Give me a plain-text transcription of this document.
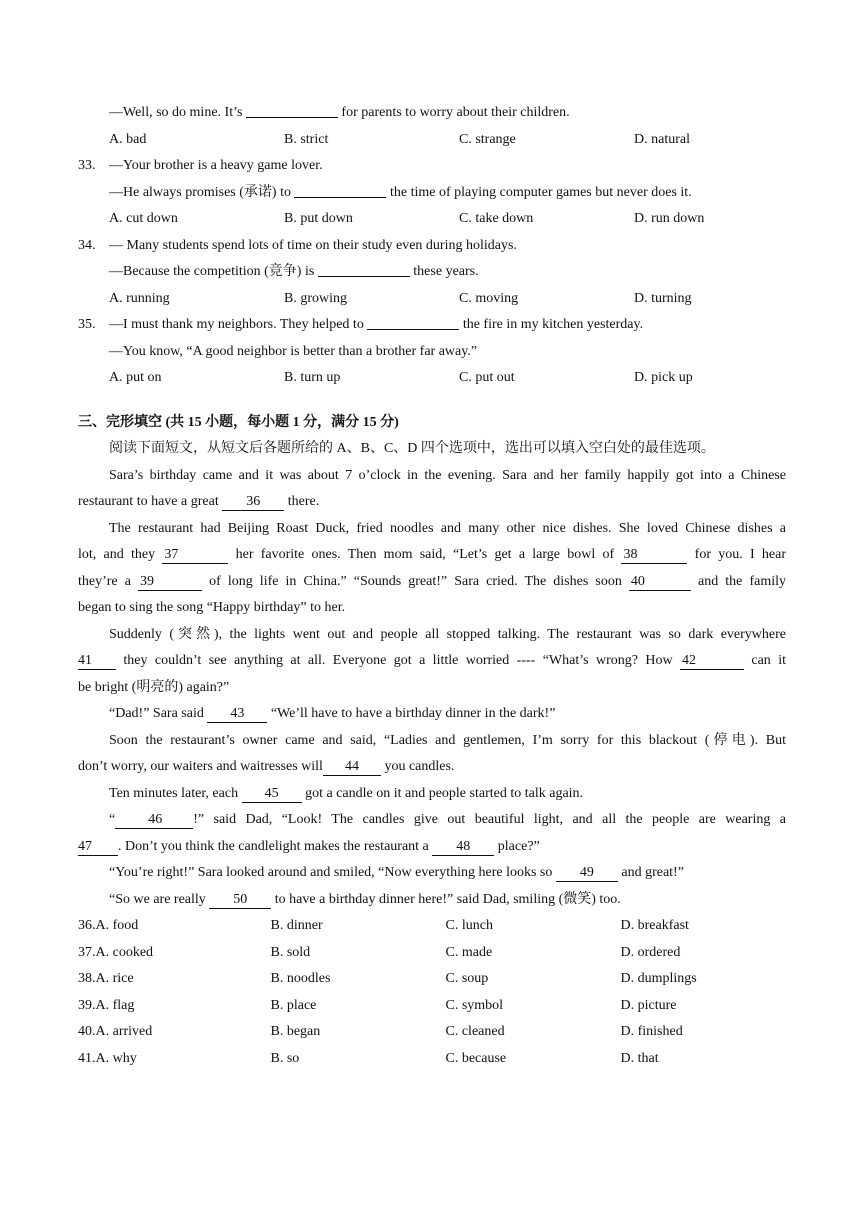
—Well, so do mine. It’s	for parents to worry about their children.
A. bad	B. strict	C. strange	D. natural
33. —Your brother is a heavy game lover.
—He always promises (承诺) to	the time of playing computer games but never does it.
A. cut down	B. put down	C. take down	D. run down
34. — Many students spend lots of time on their study even during holidays.
—Because the competition (竞争) is	these years.
A. running	B. growing	C. moving	D. turning
35. —I must thank my neighbors. They helped to	the fire in my kitchen yesterday.
—You know, “A good neighbor is better than a brother far away.”
A. put on	B. turn up	C. put out	D. pick up
三、完形填空 (共 15 小题，每小题 1 分，满分 15 分)
阅读下面短文，从短文后各题所给的 A、B、C、D 四个选项中，选出可以填入空白处的最佳选项。
Sara’s birthday came and it was about 7 o’clock in the evening. Sara and her family happily got into a Chinese
restaurant to have a great 36 there.
The restaurant had Beijing Roast Duck, fried noodles and many other nice dishes. She loved Chinese dishes a
lot, and they 37	her favorite ones. Then mom said, “Let’s get a large bowl of 38	for you. I hear
they’re a 39	of long life in China.” “Sounds great!” Sara cried. The dishes soon 40	and the family
began to sing the song “Happy birthday” to her.
Suddenly (突然), the lights went out and people all stopped talking. The restaurant was so dark everywhere
41 they couldn’t see anything at all. Everyone got a little worried ---- “What’s wrong? How 42	can it
be bright (明亮的) again?”
“Dad!” Sara said 43 “We’ll have to have a birthday dinner in the dark!”
Soon the restaurant’s owner came and said, “Ladies and gentlemen, I’m sorry for this blackout (停电). But
don’t worry, our waiters and waitresses will 44 you candles.
Ten minutes later, each 45 got a candle on it and people started to talk again.
“ 46 !” said Dad, “Look! The candles give out beautiful light, and all the people are wearing a
47 . Don’t you think the candlelight makes the restaurant a 48 place?”
“You’re right!” Sara looked around and smiled, “Now everything here looks so 49 and great!”
“So we are really 50 to have a birthday dinner here!” said Dad, smiling (微笑) too.
36. A. food	B. dinner	C. lunch	D. breakfast
37. A. cooked	B. sold	C. made	D. ordered
38. A. rice	B. noodles	C. soup	D. dumplings
39. A. flag	B. place	C. symbol	D. picture
40. A. arrived	B. began	C. cleaned	D. finished
41. A. why	B. so	C. because	D. that
